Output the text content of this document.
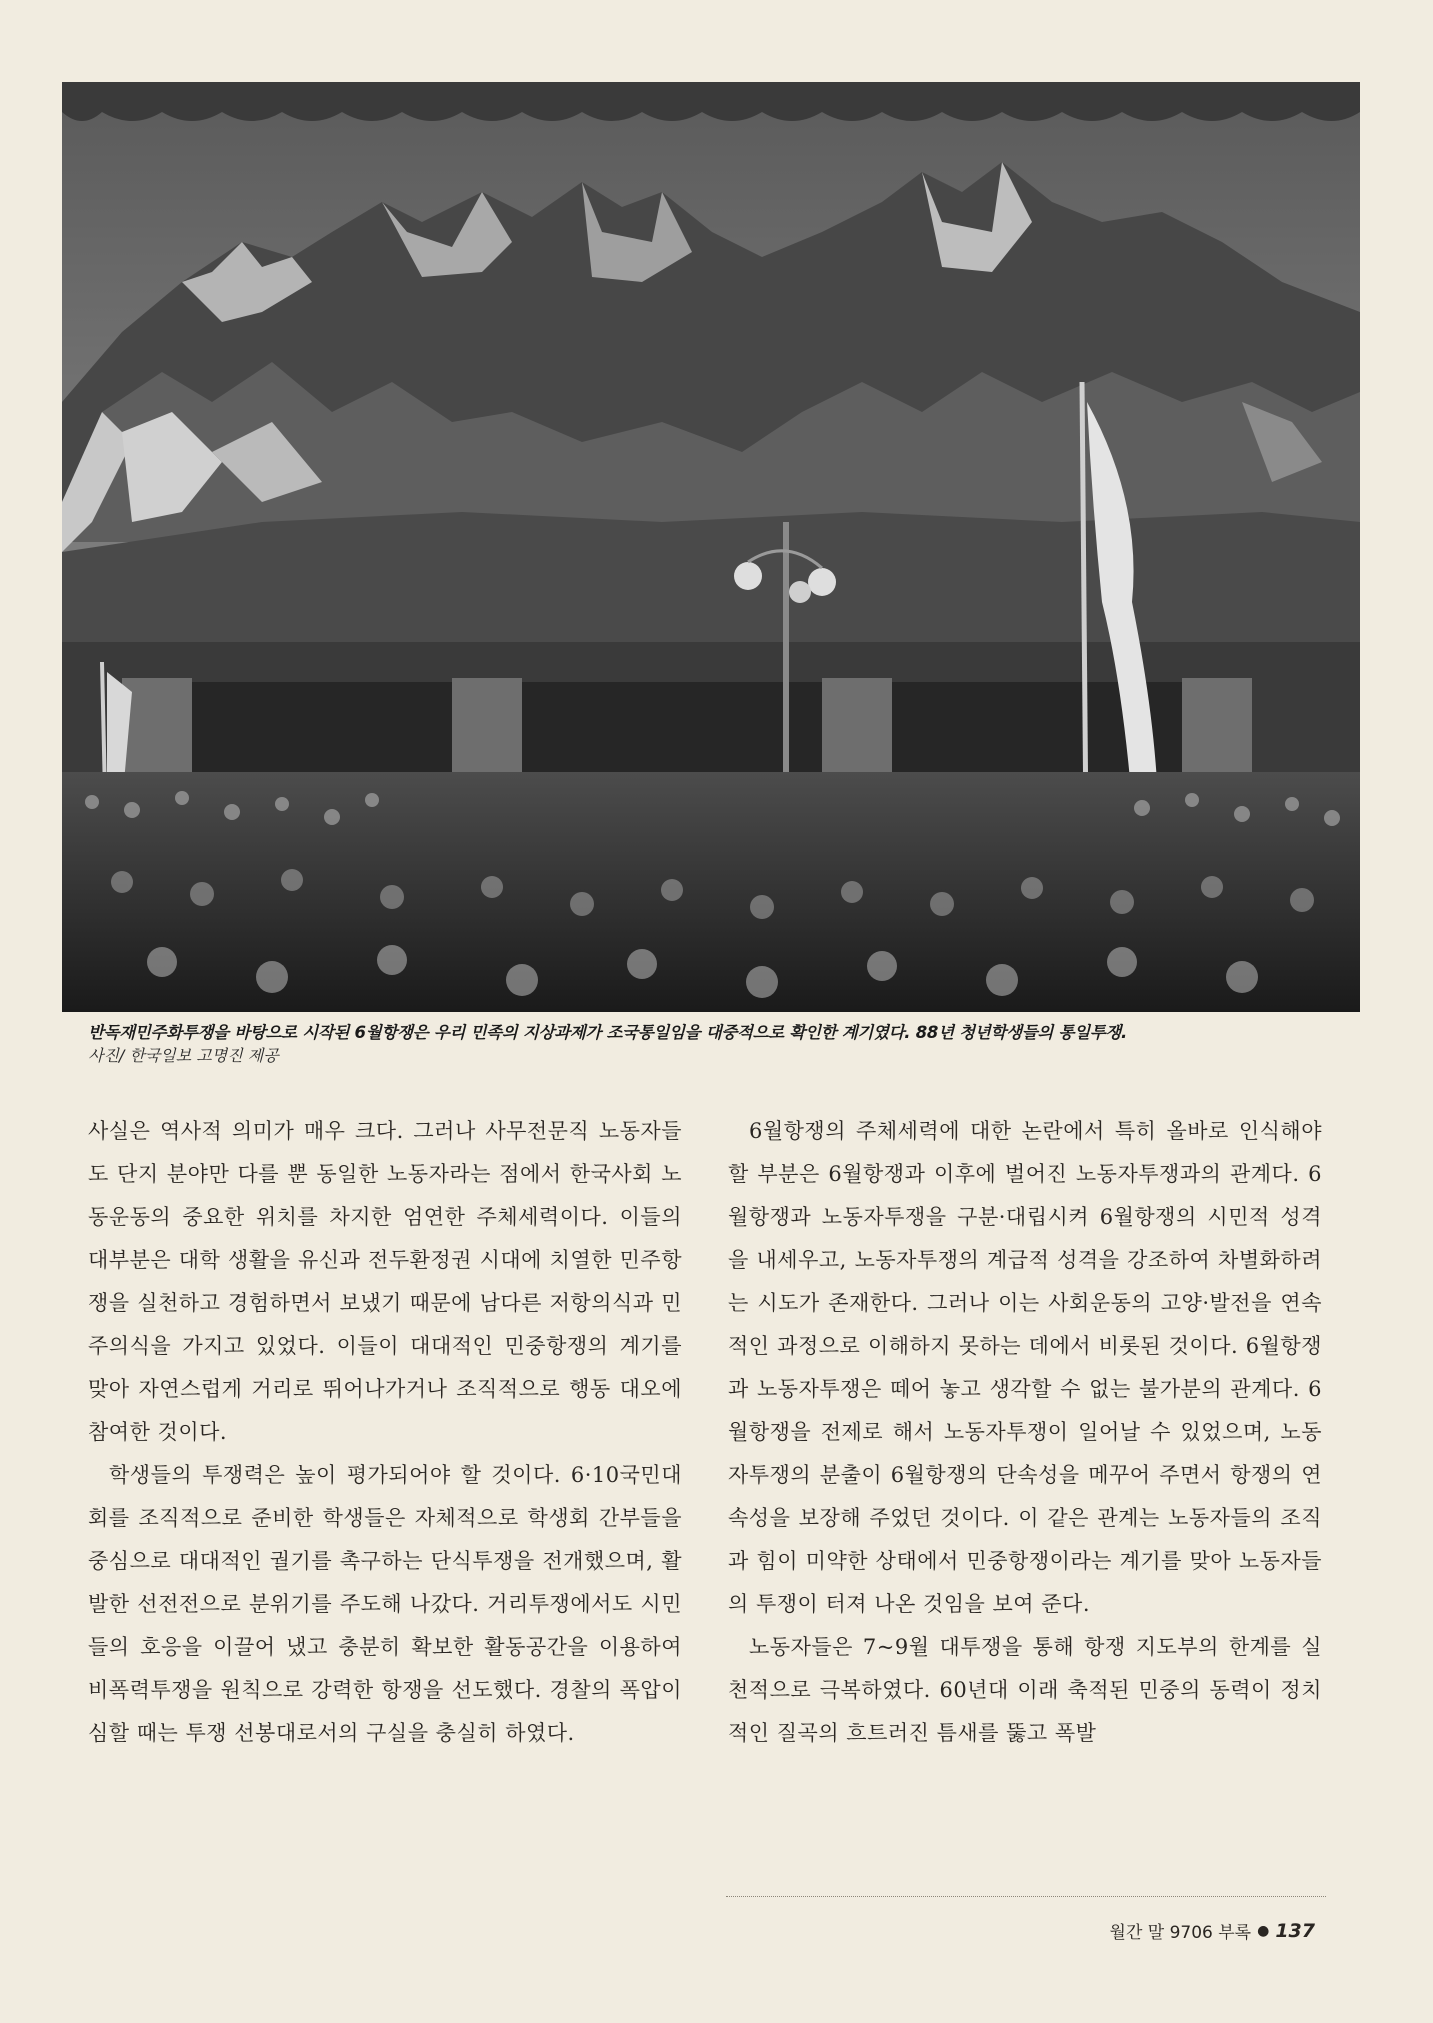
반독재민주화투쟁을 바탕으로 시작된 6월항쟁은 우리 민족의 지상과제가 조국통일임을 대중적으로 확인한 계기였다. 88년 청년학생들의 통일투쟁.
사진/ 한국일보 고명진 제공

사실은 역사적 의미가 매우 크다. 그러나 사무전문직 노동자들도 단지 분야만 다를 뿐 동일한 노동자라는 점에서 한국사회 노동운동의 중요한 위치를 차지한 엄연한 주체세력이다. 이들의 대부분은 대학 생활을 유신과 전두환정권 시대에 치열한 민주항쟁을 실천하고 경험하면서 보냈기 때문에 남다른 저항의식과 민주의식을 가지고 있었다. 이들이 대대적인 민중항쟁의 계기를 맞아 자연스럽게 거리로 뛰어나가거나 조직적으로 행동 대오에 참여한 것이다.

학생들의 투쟁력은 높이 평가되어야 할 것이다. 6·10국민대회를 조직적으로 준비한 학생들은 자체적으로 학생회 간부들을 중심으로 대대적인 궐기를 촉구하는 단식투쟁을 전개했으며, 활발한 선전전으로 분위기를 주도해 나갔다. 거리투쟁에서도 시민들의 호응을 이끌어 냈고 충분히 확보한 활동공간을 이용하여 비폭력투쟁을 원칙으로 강력한 항쟁을 선도했다. 경찰의 폭압이 심할 때는 투쟁 선봉대로서의 구실을 충실히 하였다.

6월항쟁의 주체세력에 대한 논란에서 특히 올바로 인식해야 할 부분은 6월항쟁과 이후에 벌어진 노동자투쟁과의 관계다. 6월항쟁과 노동자투쟁을 구분·대립시켜 6월항쟁의 시민적 성격을 내세우고, 노동자투쟁의 계급적 성격을 강조하여 차별화하려는 시도가 존재한다. 그러나 이는 사회운동의 고양·발전을 연속적인 과정으로 이해하지 못하는 데에서 비롯된 것이다. 6월항쟁과 노동자투쟁은 떼어 놓고 생각할 수 없는 불가분의 관계다. 6월항쟁을 전제로 해서 노동자투쟁이 일어날 수 있었으며, 노동자투쟁의 분출이 6월항쟁의 단속성을 메꾸어 주면서 항쟁의 연속성을 보장해 주었던 것이다. 이 같은 관계는 노동자들의 조직과 힘이 미약한 상태에서 민중항쟁이라는 계기를 맞아 노동자들의 투쟁이 터져 나온 것임을 보여 준다.

노동자들은 7~9월 대투쟁을 통해 항쟁 지도부의 한계를 실천적으로 극복하였다. 60년대 이래 축적된 민중의 동력이 정치적인 질곡의 흐트러진 틈새를 뚫고 폭발

월간 말 9706 부록 ● 137
